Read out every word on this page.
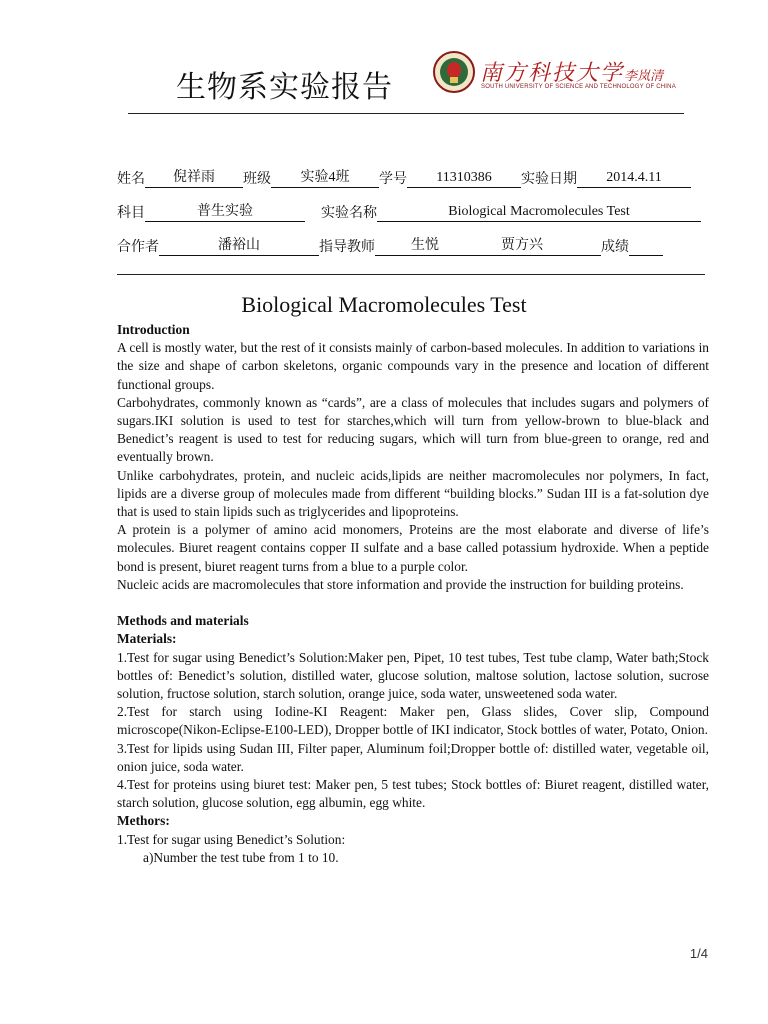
生物系实验报告	南方科技大学李岚清
SOUTH UNIVERSITY OF SCIENCE AND TECHNOLOGY OF CHINA
姓名 倪祥雨 班级 实验4班 学号 11310386 实验日期 2014.4.11
科目	普生实验	实验名称	Biological Macromolecules Test
合作者	潘裕山	指导教师	生悦	贾方兴	成绩
Biological Macromolecules Test

Introduction

A cell is mostly water, but the rest of it consists mainly of carbon-based molecules. In addition to variations in the size and shape of carbon skeletons, organic compounds vary in the presence and location of different functional groups.

Carbohydrates, commonly known as “cards”, are a class of molecules that includes sugars and polymers of sugars.IKI solution is used to test for starches,which will turn from yellow-brown to blue-black and Benedict’s reagent is used to test for reducing sugars, which will turn from blue-green to orange, red and eventually brown.

Unlike carbohydrates, protein, and nucleic acids,lipids are neither macromolecules nor polymers, In fact, lipids are a diverse group of molecules made from different “building blocks.” Sudan III is a fat-solution dye that is used to stain lipids such as triglycerides and lipoproteins.

A protein is a polymer of amino acid monomers, Proteins are the most elaborate and diverse of life’s molecules. Biuret reagent contains copper II sulfate and a base called potassium hydroxide. When a peptide bond is present, biuret reagent turns from a blue to a purple color.

Nucleic acids are macromolecules that store information and provide the instruction for building proteins.

Methods and materials

Materials:

1.Test for sugar using Benedict’s Solution:Maker pen, Pipet, 10 test tubes, Test tube clamp, Water bath;Stock bottles of: Benedict’s solution, distilled water, glucose solution, maltose solution, lactose solution, sucrose solution, fructose solution, starch solution, orange juice, soda water, unsweetened soda water.

2.Test for starch using Iodine-KI Reagent: Maker pen, Glass slides, Cover slip, Compound microscope(Nikon-Eclipse-E100-LED), Dropper bottle of IKI indicator, Stock bottles of water, Potato, Onion.

3.Test for lipids using Sudan III, Filter paper, Aluminum foil;Dropper bottle of: distilled water, vegetable oil, onion juice, soda water.

4.Test for proteins using biuret test: Maker pen, 5 test tubes; Stock bottles of: Biuret reagent, distilled water, starch solution, glucose solution, egg albumin, egg white.

Methors:

1.Test for sugar using Benedict’s Solution:

a)Number the test tube from 1 to 10.

1/4
